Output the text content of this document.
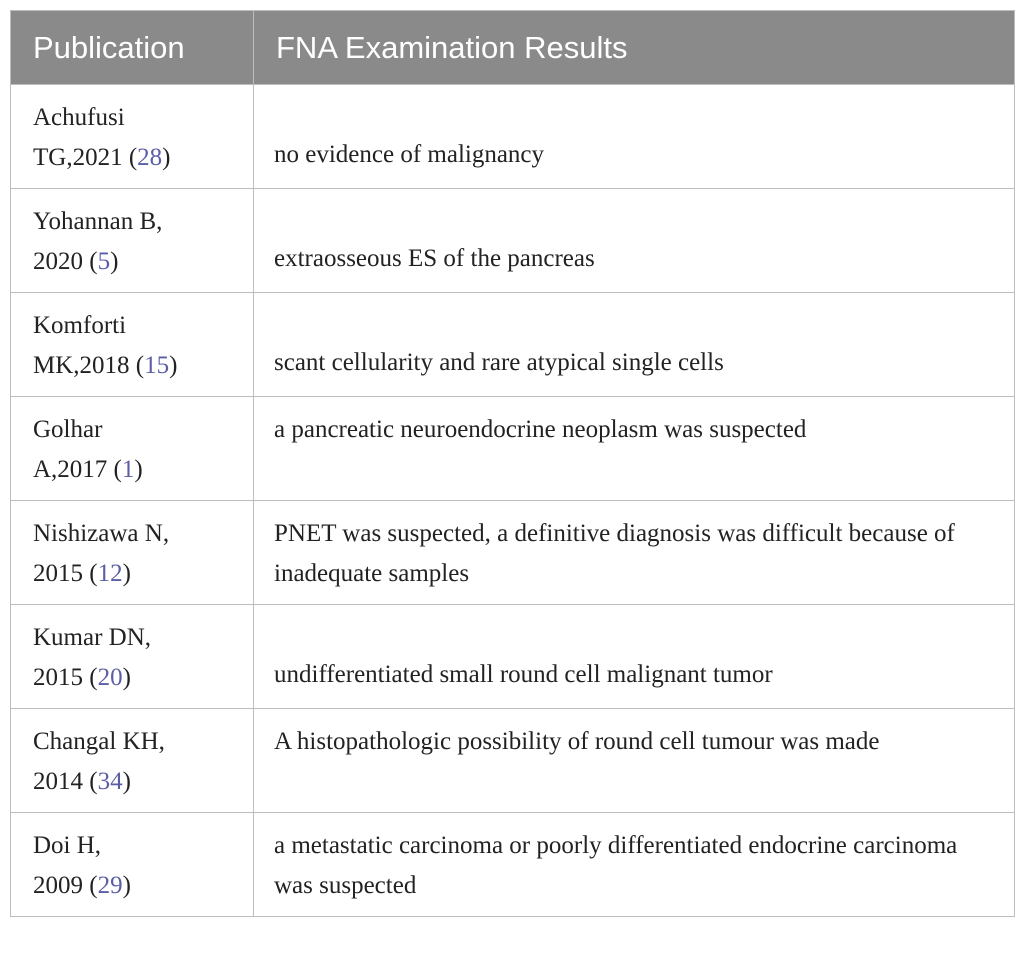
Publication	FNA Examination Results

Achufusi
TG,2021 (28)	no evidence of malignancy

Yohannan B,
2020 (5)	extraosseous ES of the pancreas

Komforti
MK,2018 (15)	scant cellularity and rare atypical single cells

Golhar
A,2017 (1)	a pancreatic neuroendocrine neoplasm was suspected

Nishizawa N,
2015 (12)	PNET was suspected, a definitive diagnosis was difficult because of inadequate samples

Kumar DN,
2015 (20)	undifferentiated small round cell malignant tumor

Changal KH,
2014 (34)	A histopathologic possibility of round cell tumour was made

Doi H,
2009 (29)	a metastatic carcinoma or poorly differentiated endocrine carcinoma was suspected
